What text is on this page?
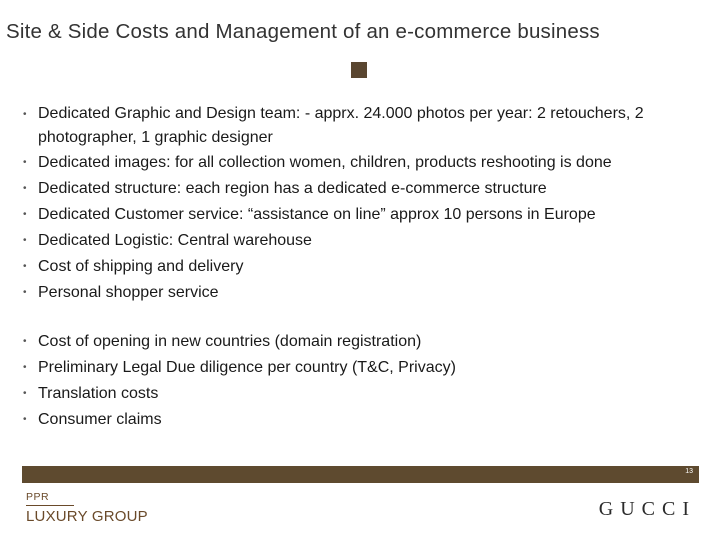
Site & Side Costs and Management of an e-commerce business
• Dedicated Graphic and Design team: - apprx. 24.000 photos per year: 2 retouchers, 2 photographer, 1 graphic designer
• Dedicated images: for all collection women, children, products reshooting is done
• Dedicated structure: each region has a dedicated e-commerce structure
• Dedicated Customer service: “assistance on line” approx 10 persons in Europe
• Dedicated Logistic: Central warehouse
• Cost of shipping and delivery
• Personal shopper service
• Cost of opening in new countries (domain registration)
• Preliminary Legal Due diligence per country (T&C, Privacy)
• Translation costs
• Consumer claims
13
PPR
LUXURY GROUP	GUCCI
